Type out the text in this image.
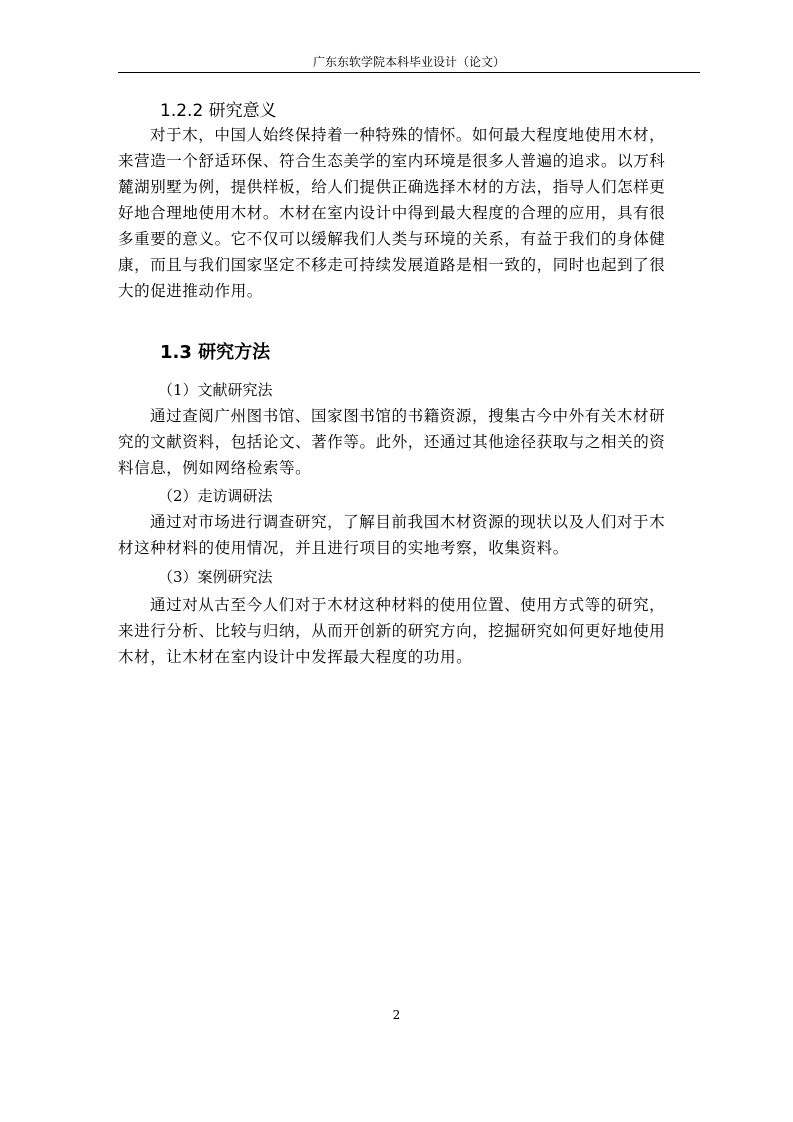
广东东软学院本科毕业设计（论文）
1.2.2 研究意义

对于木，中国人始终保持着一种特殊的情怀。如何最大程度地使用木材，
来营造一个舒适环保、符合生态美学的室内环境是很多人普遍的追求。以万科
麓湖别墅为例，提供样板，给人们提供正确选择木材的方法，指导人们怎样更
好地合理地使用木材。木材在室内设计中得到最大程度的合理的应用，具有很
多重要的意义。它不仅可以缓解我们人类与环境的关系，有益于我们的身体健
康，而且与我们国家坚定不移走可持续发展道路是相一致的，同时也起到了很
大的促进推动作用。

1.3 研究方法
（1）文献研究法

通过查阅广州图书馆、国家图书馆的书籍资源，搜集古今中外有关木材研
究的文献资料，包括论文、著作等。此外，还通过其他途径获取与之相关的资
料信息，例如网络检索等。

（2）走访调研法

通过对市场进行调查研究，了解目前我国木材资源的现状以及人们对于木
材这种材料的使用情况，并且进行项目的实地考察，收集资料。

（3）案例研究法

通过对从古至今人们对于木材这种材料的使用位置、使用方式等的研究，
来进行分析、比较与归纳，从而开创新的研究方向，挖掘研究如何更好地使用
木材，让木材在室内设计中发挥最大程度的功用。

2
